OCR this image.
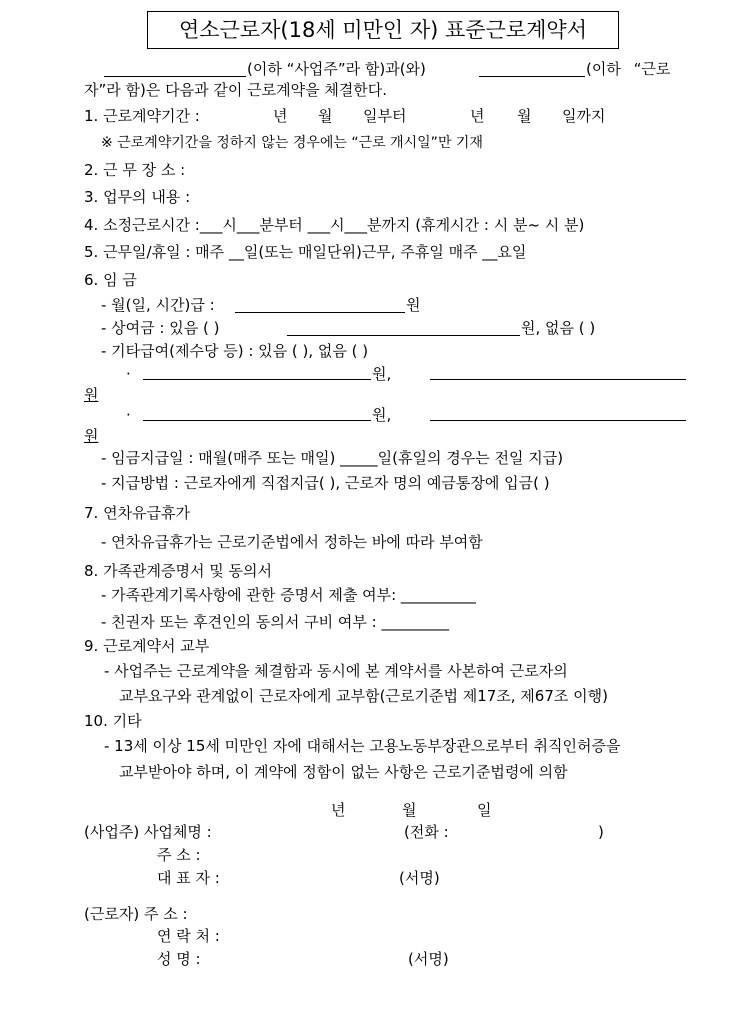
연소근로자(18세 미만인 자) 표준근로계약서
(이하 “사업주”라 함)과(와)	(이하 “근로
자”라 함)은 다음과 같이 근로계약을 체결한다.
1. 근로계약기간 :	년 월 일부터	년 월 일까지
※ 근로계약기간을 정하지 않는 경우에는 “근로 개시일”만 기재
2. 근 무 장 소 :
3. 업무의 내용 :
4. 소정근로시간 :___시___분부터 ___시___분까지 (휴게시간 : 시 분~ 시 분)
5. 근무일/휴일 : 매주 __일(또는 매일단위)근무, 주휴일 매주 __요일
6. 임 금
- 월(일, 시간)급 :	원
- 상여금 : 있음 ( )	원, 없음 ( )
- 기타급여(제수당 등) : 있음 ( ), 없음 ( )
·	원,
원
·	원,
원
- 임금지급일 : 매월(매주 또는 매일) _____일(휴일의 경우는 전일 지급)
- 지급방법 : 근로자에게 직접지급( ), 근로자 명의 예금통장에 입금( )
7. 연차유급휴가
- 연차유급휴가는 근로기준법에서 정하는 바에 따라 부여함
8. 가족관계증명서 및 동의서
- 가족관계기록사항에 관한 증명서 제출 여부: __________
- 친권자 또는 후견인의 동의서 구비 여부 : _________
9. 근로계약서 교부
- 사업주는 근로계약을 체결함과 동시에 본 계약서를 사본하여 근로자의
교부요구와 관계없이 근로자에게 교부함(근로기준법 제17조, 제67조 이행)
10. 기타
- 13세 이상 15세 미만인 자에 대해서는 고용노동부장관으로부터 취직인허증을
교부받아야 하며, 이 계약에 정함이 없는 사항은 근로기준법령에 의함
년	월	일
(사업주) 사업체명 :	(전화 :	)
주 소 :
대 표 자 :	(서명)
(근로자) 주 소 :
연 락 처 :
성 명 :	(서명)
